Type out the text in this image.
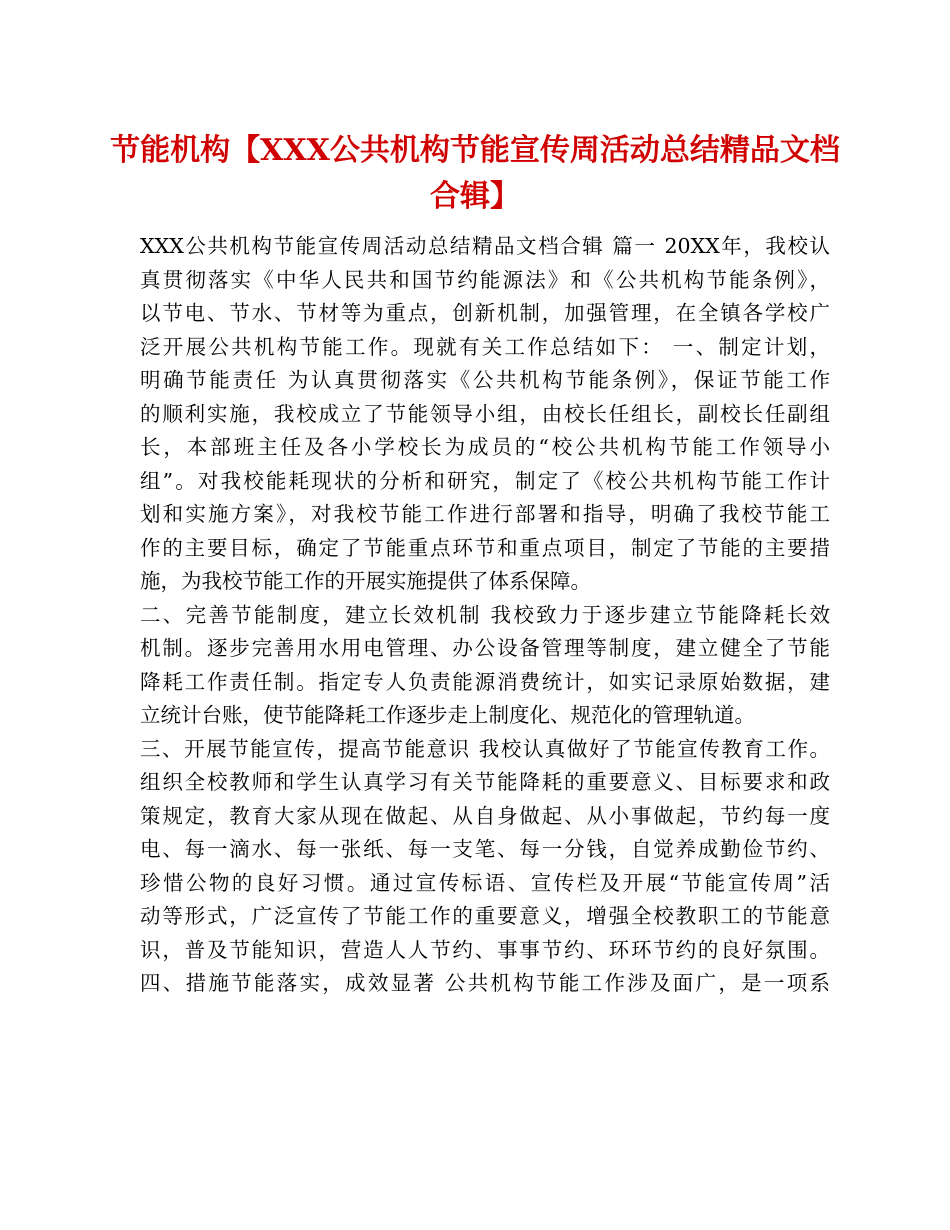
节能机构【XXX公共机构节能宣传周活动总结精品文档
合辑】
XXX公共机构节能宣传周活动总结精品文档合辑 篇一 20XX年，我校认
真贯彻落实《中华人民共和国节约能源法》和《公共机构节能条例》，
以节电、节水、节材等为重点，创新机制，加强管理，在全镇各学校广
泛开展公共机构节能工作。现就有关工作总结如下： 一、制定计划，
明确节能责任 为认真贯彻落实《公共机构节能条例》，保证节能工作
的顺利实施，我校成立了节能领导小组，由校长任组长，副校长任副组
长，本部班主任及各小学校长为成员的“校公共机构节能工作领导小
组”。对我校能耗现状的分析和研究，制定了《校公共机构节能工作计
划和实施方案》，对我校节能工作进行部署和指导，明确了我校节能工
作的主要目标，确定了节能重点环节和重点项目，制定了节能的主要措
施，为我校节能工作的开展实施提供了体系保障。
二、完善节能制度，建立长效机制 我校致力于逐步建立节能降耗长效
机制。逐步完善用水用电管理、办公设备管理等制度，建立健全了节能
降耗工作责任制。指定专人负责能源消费统计，如实记录原始数据，建
立统计台账，使节能降耗工作逐步走上制度化、规范化的管理轨道。
三、开展节能宣传，提高节能意识 我校认真做好了节能宣传教育工作。
组织全校教师和学生认真学习有关节能降耗的重要意义、目标要求和政
策规定，教育大家从现在做起、从自身做起、从小事做起，节约每一度
电、每一滴水、每一张纸、每一支笔、每一分钱，自觉养成勤俭节约、
珍惜公物的良好习惯。通过宣传标语、宣传栏及开展“节能宣传周”活
动等形式，广泛宣传了节能工作的重要意义，增强全校教职工的节能意
识，普及节能知识，营造人人节约、事事节约、环环节约的良好氛围。
四、措施节能落实，成效显著 公共机构节能工作涉及面广，是一项系
